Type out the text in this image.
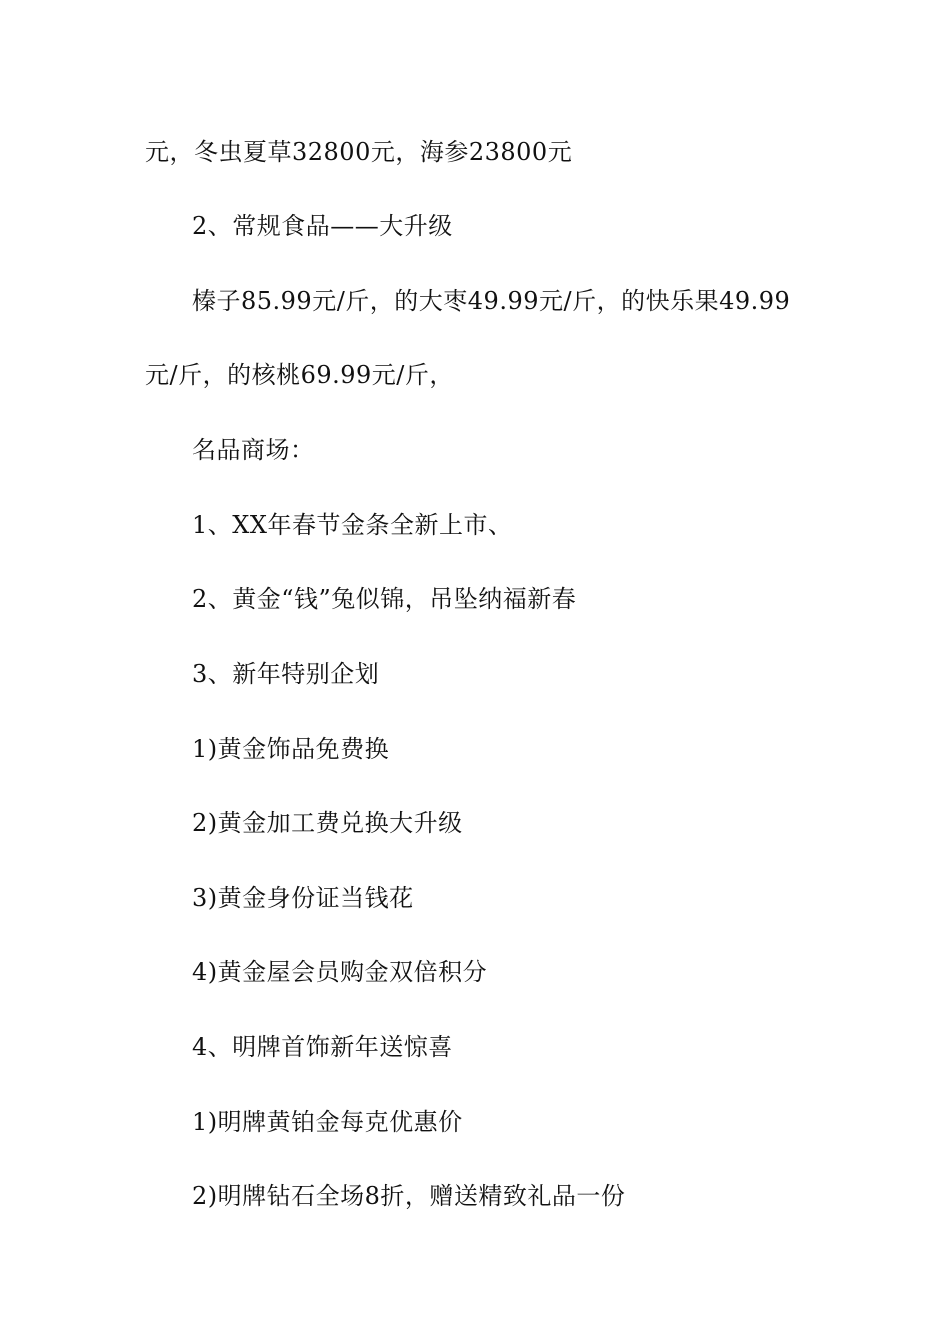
元，冬虫夏草32800元，海参23800元
2、常规食品——大升级
榛子85.99元/斤，的大枣49.99元/斤，的快乐果49.99
元/斤，的核桃69.99元/斤，
名品商场：
1、XX年春节金条全新上市、
2、黄金“钱”兔似锦，吊坠纳福新春
3、新年特别企划
1)黄金饰品免费换
2)黄金加工费兑换大升级
3)黄金身份证当钱花
4)黄金屋会员购金双倍积分
4、明牌首饰新年送惊喜
1)明牌黄铂金每克优惠价
2)明牌钻石全场8折，赠送精致礼品一份
